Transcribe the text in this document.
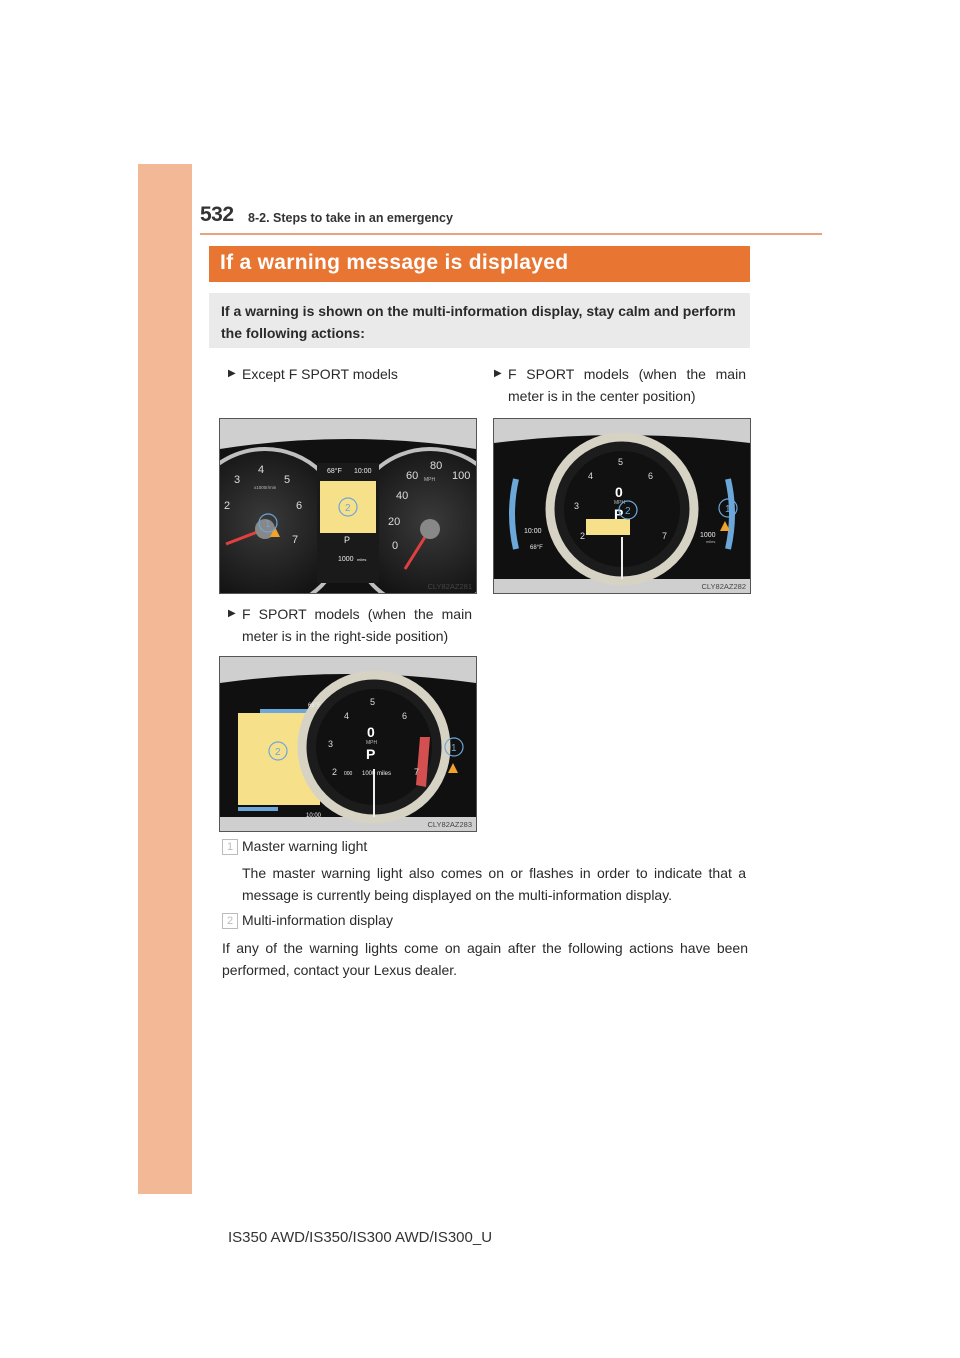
532 8-2. Steps to take in an emergency
If a warning message is displayed

If a warning is shown on the multi-information display, stay calm and perform the following actions:

▶ Except F SPORT models	▶ F SPORT models (when the main meter is in the center position)
3
4
5
6
7
2
40
60
80
100
20
0
x1000r/min
MPH
68°F 10:00
P
1000 miles
1
2
CLY82AZ281
4
5
6
3
2	7
0
MPH
P
10:00
68°F
1000
miles
2	1
CLY82AZ282
▶ F SPORT models (when the main meter is in the right-side position)
4
5
6
3
2	7
0
MPH
P
000 1000 miles
68°F
10:00
2	1
CLY82AZ283
1 Master warning light
The master warning light also comes on or flashes in order to indicate that a message is currently being displayed on the multi-information display.
2 Multi-information display
If any of the warning lights come on again after the following actions have been performed, contact your Lexus dealer.
IS350 AWD/IS350/IS300 AWD/IS300_U
